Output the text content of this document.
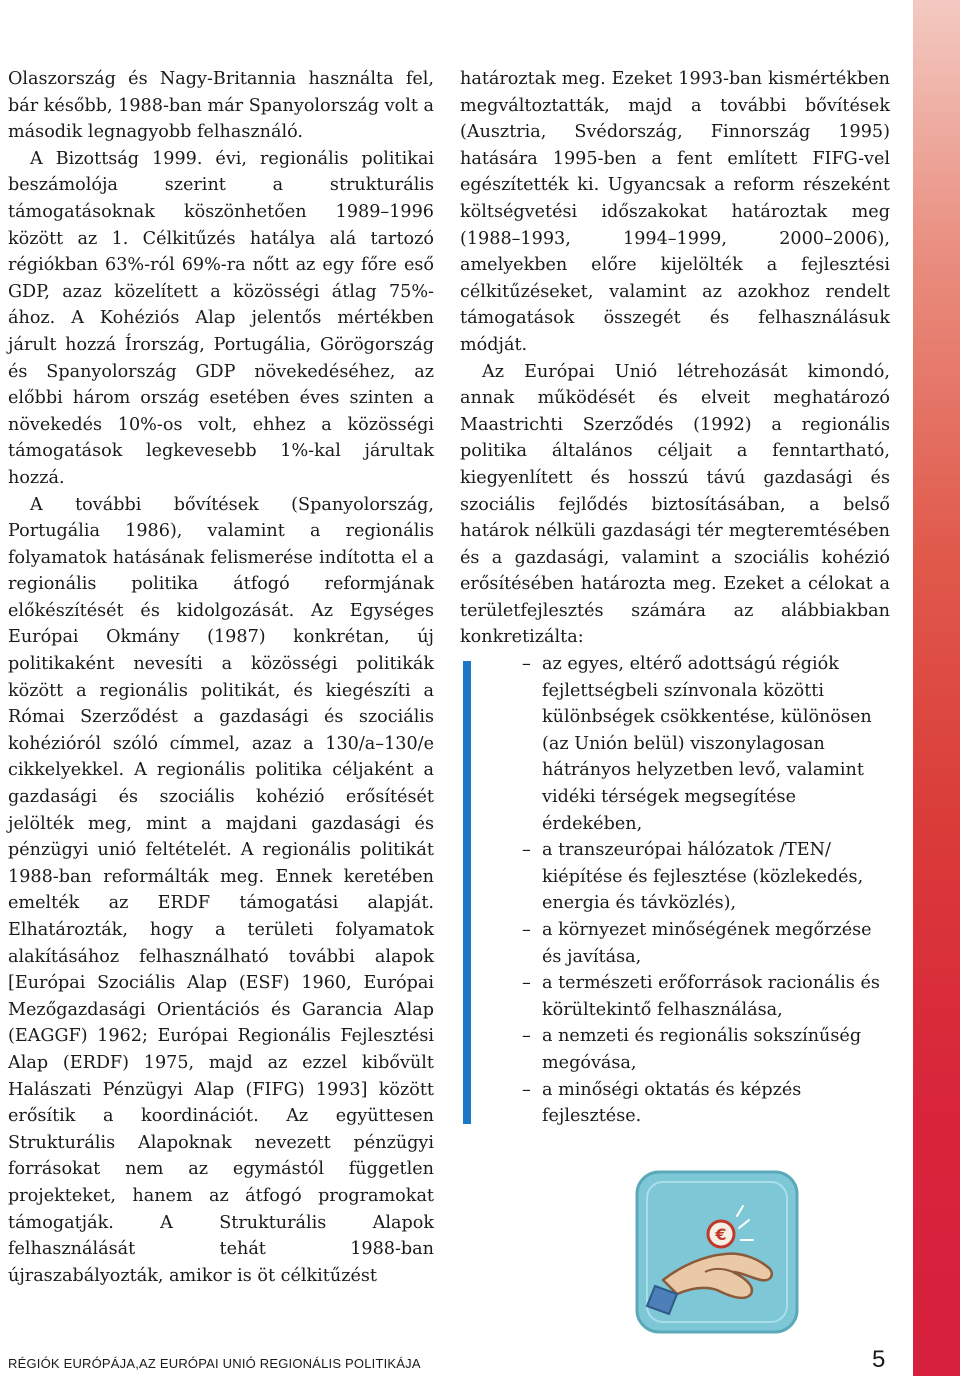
Olaszország és Nagy-Britannia használta fel, bár később, 1988-ban már Spanyolország volt a második legnagyobb felhasználó.

A Bizottság 1999. évi, regionális politikai beszámolója szerint a strukturális támogatásoknak köszönhetően 1989–1996 között az 1. Célkitűzés hatálya alá tartozó régiókban 63%-ról 69%-ra nőtt az egy főre eső GDP, azaz közelített a közösségi átlag 75%-ához. A Kohéziós Alap jelentős mértékben járult hozzá Írország, Portugália, Görögország és Spanyolország GDP növekedéséhez, az előbbi három ország esetében éves szinten a növekedés 10%-os volt, ehhez a közösségi támogatások legkevesebb 1%-kal járultak hozzá.

A további bővítések (Spanyolország, Portugália 1986), valamint a regionális folyamatok hatásának felismerése indította el a regionális politika átfogó reformjának előkészítését és kidolgozását. Az Egységes Európai Okmány (1987) konkrétan, új politikaként nevesíti a közösségi politikák között a regionális politikát, és kiegészíti a Római Szerződést a gazdasági és szociális kohézióról szóló címmel, azaz a 130/a–130/e cikkelyekkel. A regionális politika céljaként a gazdasági és szociális kohézió erősítését jelölték meg, mint a majdani gazdasági és pénzügyi unió feltételét. A regionális politikát 1988-ban reformálták meg. Ennek keretében emelték az ERDF támogatási alapját. Elhatározták, hogy a területi folyamatok alakításához felhasználható további alapok [Európai Szociális Alap (ESF) 1960, Európai Mezőgazdasági Orientációs és Garancia Alap (EAGGF) 1962; Európai Regionális Fejlesztési Alap (ERDF) 1975, majd az ezzel kibővült Halászati Pénzügyi Alap (FIFG) 1993] között erősítik a koordinációt. Az együttesen Strukturális Alapoknak nevezett pénzügyi forrásokat nem az egymástól független projekteket, hanem az átfogó programokat támogatják. A Strukturális Alapok felhasználását tehát 1988-ban újraszabályozták, amikor is öt célkitűzést

határoztak meg. Ezeket 1993-ban kismértékben megváltoztatták, majd a további bővítések (Ausztria, Svédország, Finnország 1995) hatására 1995-ben a fent említett FIFG-vel egészítették ki. Ugyancsak a reform részeként költségvetési időszakokat határoztak meg (1988–1993, 1994–1999, 2000–2006), amelyekben előre kijelölték a fejlesztési célkitűzéseket, valamint az azokhoz rendelt támogatások összegét és felhasználásuk módját.

Az Európai Unió létrehozását kimondó, annak működését és elveit meghatározó Maastrichti Szerződés (1992) a regionális politika általános céljait a fenntartható, kiegyenlített és hosszú távú gazdasági és szociális fejlődés biztosításában, a belső határok nélküli gazdasági tér megteremtésében és a gazdasági, valamint a szociális kohézió erősítésében határozta meg. Ezeket a célokat a területfejlesztés számára az alábbiakban konkretizálta:

– az egyes, eltérő adottságú régiók fejlettségbeli színvonala közötti különbségek csökkentése, különösen (az Unión belül) viszonylagosan hátrányos helyzetben levő, valamint vidéki térségek megsegítése érdekében,
– a transzeurópai hálózatok /TEN/ kiépítése és fejlesztése (közlekedés, energia és távközlés),
– a környezet minőségének megőrzése és javítása,
– a természeti erőforrások racionális és körültekintő felhasználása,
– a nemzeti és regionális sokszínűség megóvása,
– a minőségi oktatás és képzés fejlesztése.
€
RÉGIÓK EURÓPÁJA,AZ EURÓPAI UNIÓ REGIONÁLIS POLITIKÁJA	5
